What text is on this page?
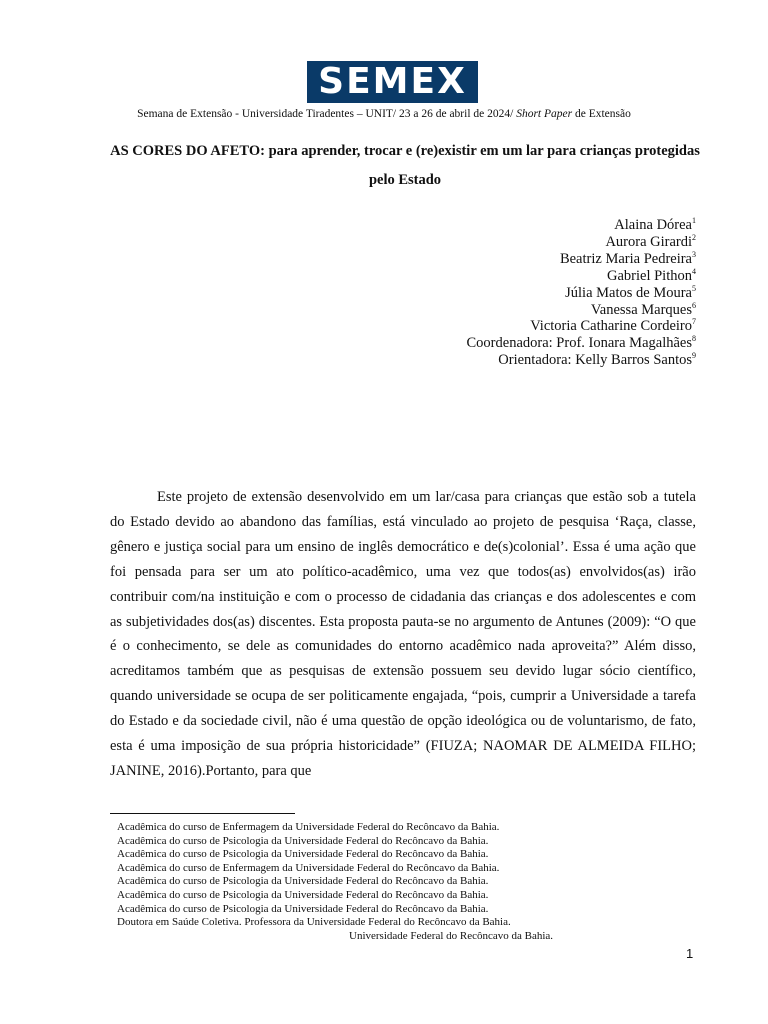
SEMEX
Semana de Extensão - Universidade Tiradentes – UNIT/ 23 a 26 de abril de 2024/ Short Paper de Extensão
AS CORES DO AFETO: para aprender, trocar e (re)existir em um lar para crianças protegidas pelo Estado
Alaina Dórea$^1$
Aurora Girardi$^2$
Beatriz Maria Pedreira$^3$
Gabriel Pithon$^4$
Júlia Matos de Moura$^5$
Vanessa Marques$^6$
Victoria Catharine Cordeiro$^7$
Coordenadora: Prof. Ionara Magalhães$^8$
Orientadora: Kelly Barros Santos$^9$

Este projeto de extensão desenvolvido em um lar/casa para crianças que estão sob a tutela do Estado devido ao abandono das famílias, está vinculado ao projeto de pesquisa ‘Raça, classe, gênero e justiça social para um ensino de inglês democrático e de(s)colonial’. Essa é uma ação que foi pensada para ser um ato político-acadêmico, uma vez que todos(as) envolvidos(as) irão contribuir com/na instituição e com o processo de cidadania das crianças e dos adolescentes e com as subjetividades dos(as) discentes. Esta proposta pauta-se no argumento de Antunes (2009): “O que é o conhecimento, se dele as comunidades do entorno acadêmico nada aproveita?” Além disso, acreditamos também que as pesquisas de extensão possuem seu devido lugar sócio científico, quando universidade se ocupa de ser politicamente engajada, “pois, cumprir a Universidade a tarefa do Estado e da sociedade civil, não é uma questão de opção ideológica ou de voluntarismo, de fato, esta é uma imposição de sua própria historicidade” (FIUZA; NAOMAR DE ALMEIDA FILHO; JANINE, 2016).Portanto, para que

Acadêmica do curso de Enfermagem da Universidade Federal do Recôncavo da Bahia.
Acadêmica do curso de Psicologia da Universidade Federal do Recôncavo da Bahia.
Acadêmica do curso de Psicologia da Universidade Federal do Recôncavo da Bahia.
Acadêmica do curso de Enfermagem da Universidade Federal do Recôncavo da Bahia.
Acadêmica do curso de Psicologia da Universidade Federal do Recôncavo da Bahia.
Acadêmica do curso de Psicologia da Universidade Federal do Recôncavo da Bahia.
Acadêmica do curso de Psicologia da Universidade Federal do Recôncavo da Bahia.
Doutora em Saúde Coletiva. Professora da Universidade Federal do Recôncavo da Bahia.
Universidade Federal do Recôncavo da Bahia.
1
